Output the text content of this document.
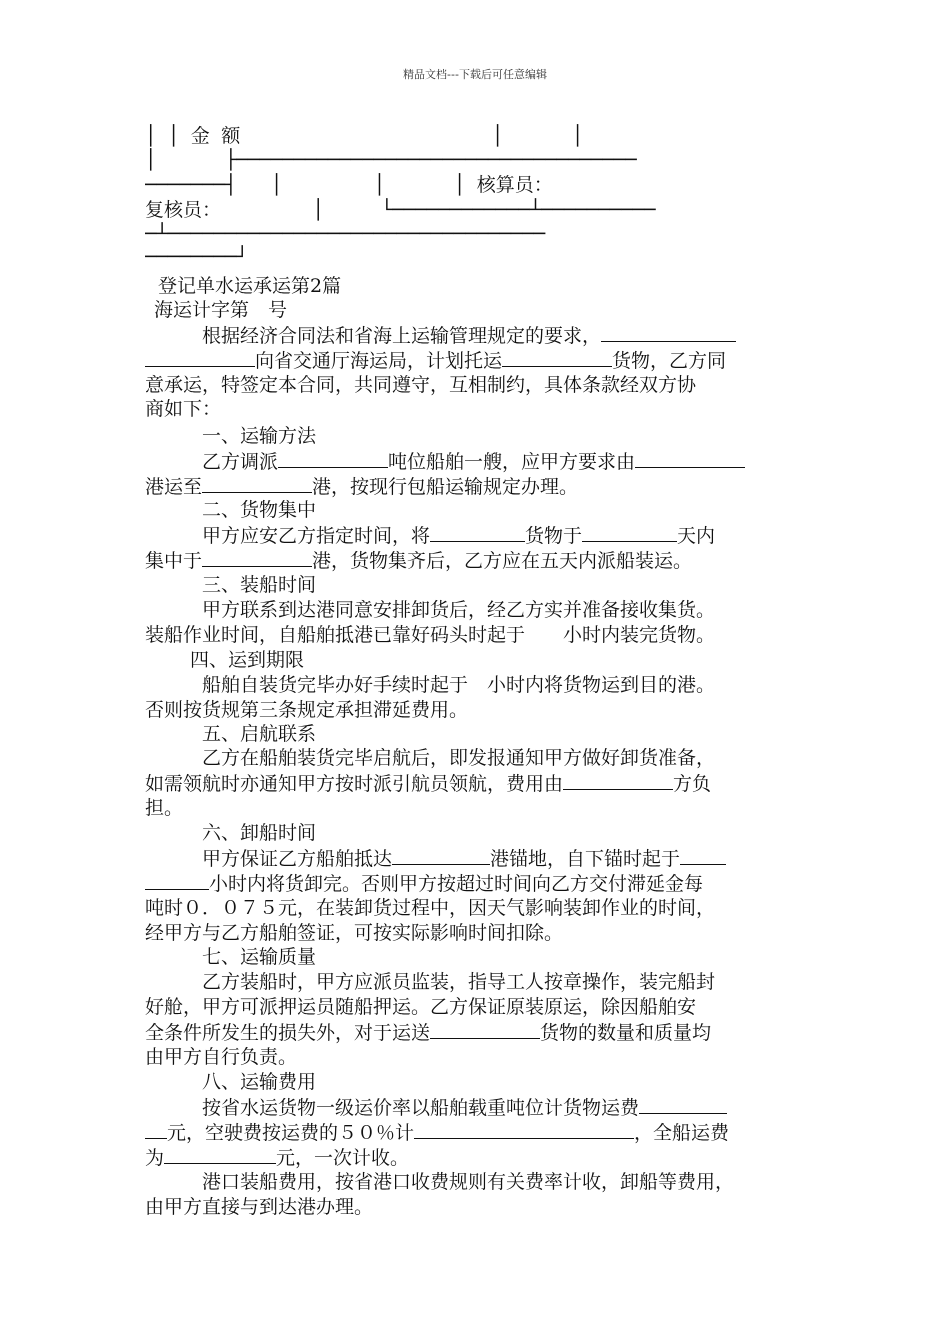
精品文档---下载后可任意编辑
│ │ 金 额                      │      │
│      ├───────────────────────────────────
───────┤   │        │      │ 核算员：
复核员：        │     └────────────┴──────────
─┴─────────────────────────────────
────────┘
登记单水运承运第2篇
海运计字第　号
根据经济合同法和省海上运输管理规定的要求，
向省交通厅海运局，计划托运	货物，乙方同
意承运，特签定本合同，共同遵守，互相制约，具体条款经双方协
商如下：
一、运输方法
乙方调派	吨位船舶一艘，应甲方要求由
港运至	港，按现行包船运输规定办理。
二、货物集中
甲方应安乙方指定时间，将	货物于	天内
集中于	港，货物集齐后，乙方应在五天内派船装运。
三、装船时间
甲方联系到达港同意安排卸货后，经乙方实并准备接收集货。
装船作业时间，自船舶抵港已靠好码头时起于　　小时内装完货物。
四、运到期限
船舶自装货完毕办好手续时起于　小时内将货物运到目的港。
否则按货规第三条规定承担滞延费用。
五、启航联系
乙方在船舶装货完毕启航后，即发报通知甲方做好卸货准备，
如需领航时亦通知甲方按时派引航员领航，费用由	方负
担。
六、卸船时间
甲方保证乙方船舶抵达	港锚地，自下锚时起于
小时内将货卸完。否则甲方按超过时间向乙方交付滞延金每
吨时０．０７５元，在装卸货过程中，因天气影响装卸作业的时间，
经甲方与乙方船舶签证，可按实际影响时间扣除。
七、运输质量
乙方装船时，甲方应派员监装，指导工人按章操作，装完船封
好舱，甲方可派押运员随船押运。乙方保证原装原运，除因船舶安
全条件所发生的损失外，对于运送	货物的数量和质量均
由甲方自行负责。
八、运输费用
按省水运货物一级运价率以船舶载重吨位计货物运费
元，空驶费按运费的５０％计	，全船运费
为	元，一次计收。
港口装船费用，按省港口收费规则有关费率计收，卸船等费用，
由甲方直接与到达港办理。
